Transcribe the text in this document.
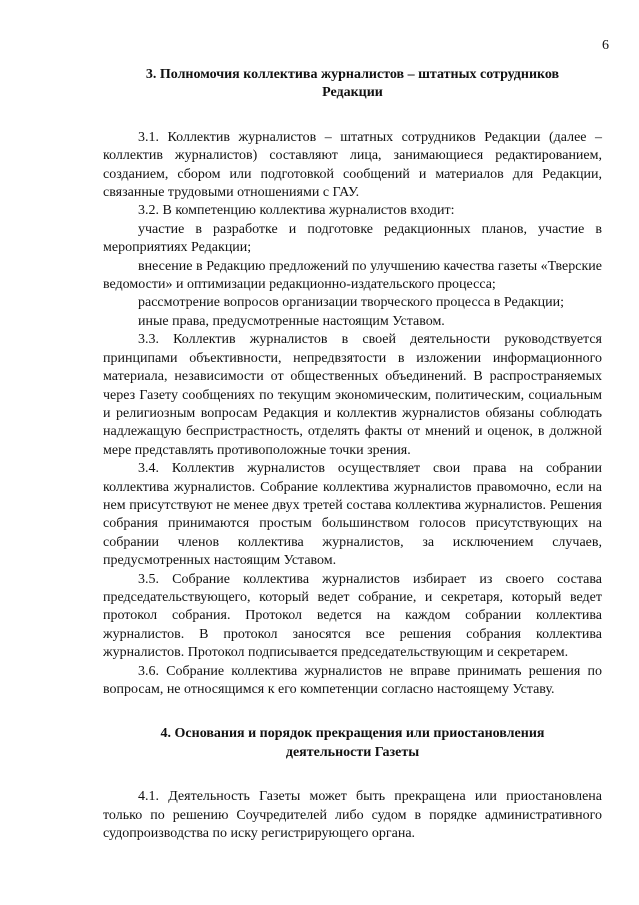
6
3. Полномочия коллектива журналистов – штатных сотрудников
Редакции

3.1. Коллектив журналистов – штатных сотрудников Редакции (далее – коллектив журналистов) составляют лица, занимающиеся редактированием, созданием, сбором или подготовкой сообщений и материалов для Редакции, связанные трудовыми отношениями с ГАУ.

3.2. В компетенцию коллектива журналистов входит:

участие в разработке и подготовке редакционных планов, участие в мероприятиях Редакции;

внесение в Редакцию предложений по улучшению качества газеты «Тверские ведомости» и оптимизации редакционно-издательского процесса;

рассмотрение вопросов организации творческого процесса в Редакции;

иные права, предусмотренные настоящим Уставом.

3.3. Коллектив журналистов в своей деятельности руководствуется принципами объективности, непредвзятости в изложении информационного материала, независимости от общественных объединений. В распространяемых через Газету сообщениях по текущим экономическим, политическим, социальным и религиозным вопросам Редакция и коллектив журналистов обязаны соблюдать надлежащую беспристрастность, отделять факты от мнений и оценок, в должной мере представлять противоположные точки зрения.

3.4. Коллектив журналистов осуществляет свои права на собрании коллектива журналистов. Собрание коллектива журналистов правомочно, если на нем присутствуют не менее двух третей состава коллектива журналистов. Решения собрания принимаются простым большинством голосов присутствующих на собрании членов коллектива журналистов, за исключением случаев, предусмотренных настоящим Уставом.

3.5. Собрание коллектива журналистов избирает из своего состава председательствующего, который ведет собрание, и секретаря, который ведет протокол собрания. Протокол ведется на каждом собрании коллектива журналистов. В протокол заносятся все решения собрания коллектива журналистов. Протокол подписывается председательствующим и секретарем.

3.6. Собрание коллектива журналистов не вправе принимать решения по вопросам, не относящимся к его компетенции согласно настоящему Уставу.

4. Основания и порядок прекращения или приостановления
деятельности Газеты

4.1. Деятельность Газеты может быть прекращена или приостановлена только по решению Соучредителей либо судом в порядке административного судопроизводства по иску регистрирующего органа.
